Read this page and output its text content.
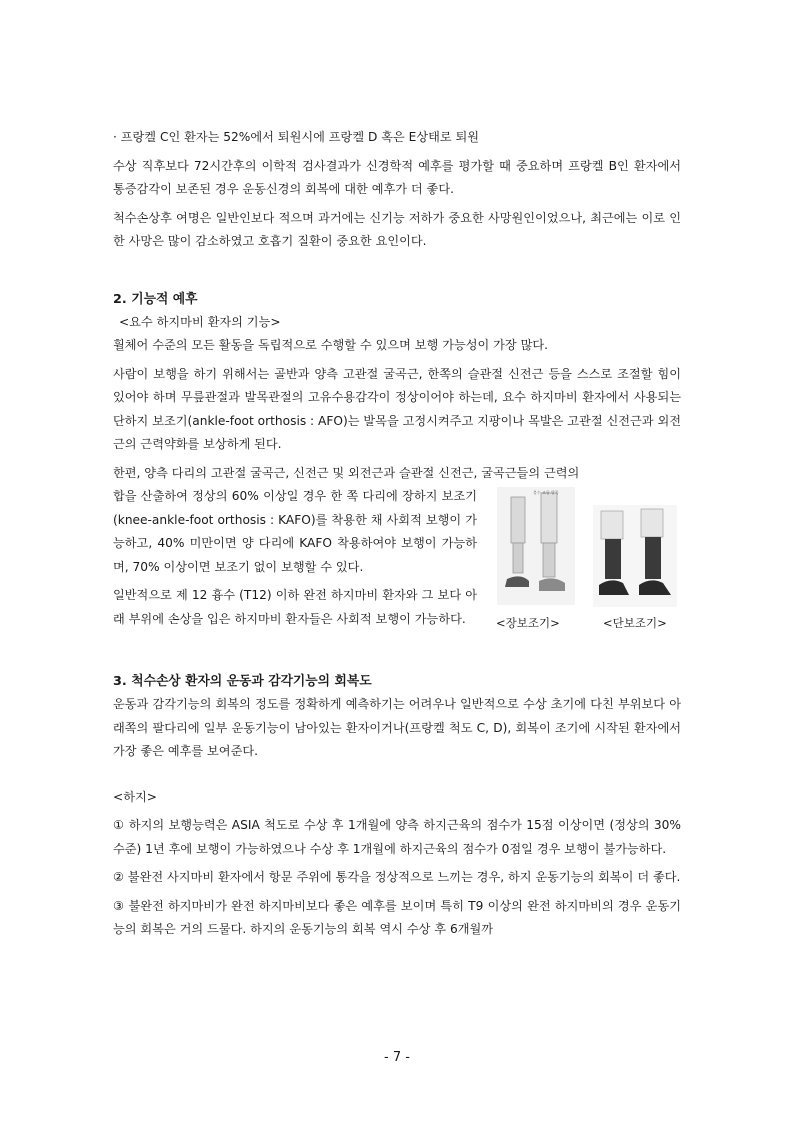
· 프랑켈 C인 환자는 52%에서 퇴원시에 프랑켈 D 혹은 E상태로 퇴원

수상 직후보다 72시간후의 이학적 검사결과가 신경학적 예후를 평가할 때 중요하며 프랑켈 B인 환자에서 통증감각이 보존된 경우 운동신경의 회복에 대한 예후가 더 좋다.

척수손상후 여명은 일반인보다 적으며 과거에는 신기능 저하가 중요한 사망원인이었으나, 최근에는 이로 인한 사망은 많이 감소하였고 호흡기 질환이 중요한 요인이다.

2. 기능적 예후

<요수 하지마비 환자의 기능>

휠체어 수준의 모든 활동을 독립적으로 수행할 수 있으며 보행 가능성이 가장 많다.

사람이 보행을 하기 위해서는 골반과 양측 고관절 굴곡근, 한쪽의 슬관절 신전근 등을 스스로 조절할 힘이 있어야 하며 무릎관절과 발목관절의 고유수용감각이 정상이어야 하는데, 요수 하지마비 환자에서 사용되는 단하지 보조기(ankle-foot orthosis : AFO)는 발목을 고정시켜주고 지팡이나 목발은 고관절 신전근과 외전근의 근력약화를 보상하게 된다.

한편, 양측 다리의 고관절 굴곡근, 신전근 및 외전근과 슬관절 신전근, 굴곡근들의 근력의

합을 산출하여 정상의 60% 이상일 경우 한 쪽 다리에 장하지 보조기(knee-ankle-foot orthosis : KAFO)를 착용한 채 사회적 보행이 가능하고, 40% 미만이면 양 다리에 KAFO 착용하여야 보행이 가능하며, 70% 이상이면 보조기 없이 보행할 수 있다.

일반적으로 제 12 흉수 (T12) 이하 완전 하지마비 환자와 그 보다 아래 부위에 손상을 입은 하지마비 환자들은 사회적 보행이 가능하다.

불수 조립 발목
<장보조기>	<단보조기>
3. 척수손상 환자의 운동과 감각기능의 회복도

운동과 감각기능의 회복의 정도를 정확하게 예측하기는 어려우나 일반적으로 수상 초기에 다친 부위보다 아래쪽의 팔다리에 일부 운동기능이 남아있는 환자이거나(프랑켈 척도 C, D), 회복이 조기에 시작된 환자에서 가장 좋은 예후를 보여준다.

<하지>

① 하지의 보행능력은 ASIA 척도로 수상 후 1개월에 양측 하지근육의 점수가 15점 이상이면 (정상의 30% 수준) 1년 후에 보행이 가능하였으나 수상 후 1개월에 하지근육의 점수가 0점일 경우 보행이 불가능하다.

② 불완전 사지마비 환자에서 항문 주위에 통각을 정상적으로 느끼는 경우, 하지 운동기능의 회복이 더 좋다.

③ 불완전 하지마비가 완전 하지마비보다 좋은 예후를 보이며 특히 T9 이상의 완전 하지마비의 경우 운동기능의 회복은 거의 드물다. 하지의 운동기능의 회복 역시 수상 후 6개월까

- 7 -
